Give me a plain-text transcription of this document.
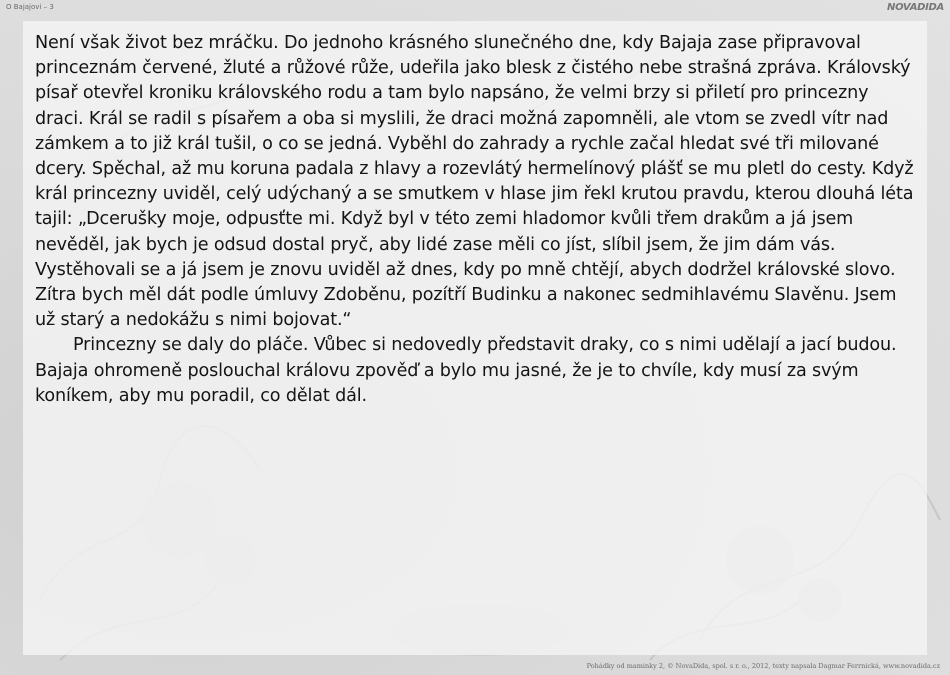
O Bajajovi – 3	NOVADIDA

Není však život bez mráčku. Do jednoho krásného slunečného dne, kdy Bajaja zase připravoval princeznám červené, žluté a růžové růže, udeřila jako blesk z čistého nebe strašná zpráva. Královský písař otevřel kroniku královského rodu a tam bylo napsáno, že velmi brzy si přiletí pro princezny draci. Král se radil s písařem a oba si myslili, že draci možná zapomněli, ale vtom se zvedl vítr nad zámkem a to již král tušil, o co se jedná. Vyběhl do zahrady a rychle začal hledat své tři milované dcery. Spěchal, až mu koruna padala z hlavy a rozevlátý hermelínový plášť se mu pletl do cesty. Když král princezny uviděl, celý udýchaný a se smutkem v hlase jim řekl krutou pravdu, kterou dlouhá léta tajil: „Dcerušky moje, odpusťte mi. Když byl v této zemi hladomor kvůli třem drakům a já jsem nevěděl, jak bych je odsud dostal pryč, aby lidé zase měli co jíst, slíbil jsem, že jim dám vás. Vystěhovali se a já jsem je znovu uviděl až dnes, kdy po mně chtějí, abych dodržel královské slovo. Zítra bych měl dát podle úmluvy Zdoběnu, pozítří Budinku a nakonec sedmihlavému Slavěnu. Jsem už starý a nedokážu s nimi bojovat.“

Princezny se daly do pláče. Vůbec si nedovedly představit draky, co s nimi udělají a jací budou. Bajaja ohromeně poslouchal královu zpověď a bylo mu jasné, že je to chvíle, kdy musí za svým koníkem, aby mu poradil, co dělat dál.

Pohádky od maminky 2, © NovaDida, spol. s r. o., 2012, texty napsala Dagmar Ferrnická, www.novadida.cz
